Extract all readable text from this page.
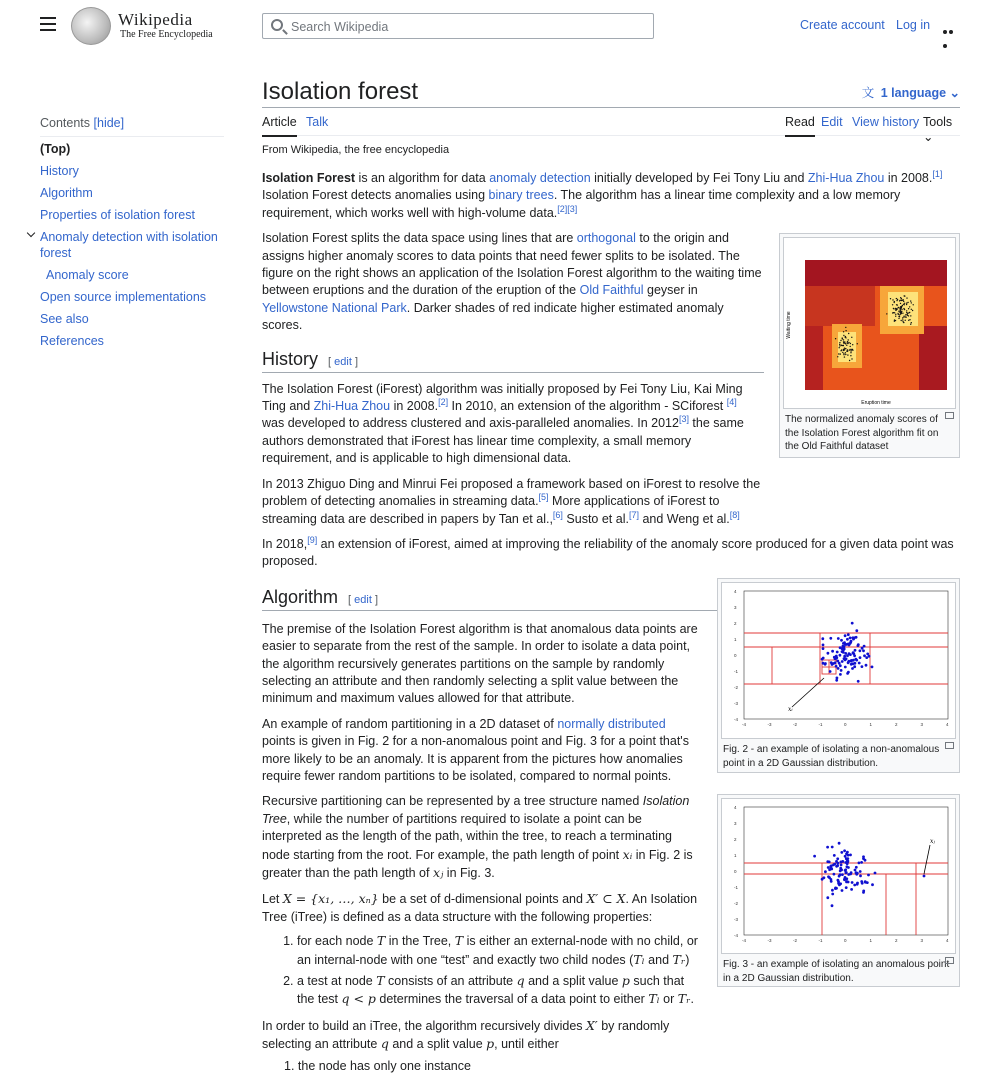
Wikipedia
The Free Encyclopedia
Search Wikipedia
Create account Log in
Contents [hide]
(Top)
History
Algorithm
Properties of isolation forest
Anomaly detection with isolation forest
Anomaly score
Open source implementations
See also
References
Isolation forest	文 1 language ⌄
Article Talk	Read Edit View history Tools ⌄
From Wikipedia, the free encyclopedia

Isolation Forest is an algorithm for data anomaly detection initially developed by Fei Tony Liu and Zhi-Hua Zhou in 2008.[1] Isolation Forest detects anomalies using binary trees. The algorithm has a linear time complexity and a low memory requirement, which works well with high-volume data.[2][3]

Isolation Forest splits the data space using lines that are orthogonal to the origin and assigns higher anomaly scores to data points that need fewer splits to be isolated. The figure on the right shows an application of the Isolation Forest algorithm to the waiting time between eruptions and the duration of the eruption of the Old Faithful geyser in Yellowstone National Park. Darker shades of red indicate higher estimated anomaly scores.

History [ edit ]

The Isolation Forest (iForest) algorithm was initially proposed by Fei Tony Liu, Kai Ming Ting and Zhi-Hua Zhou in 2008.[2] In 2010, an extension of the algorithm - SCiforest [4] was developed to address clustered and axis-paralleled anomalies. In 2012[3] the same authors demonstrated that iForest has linear time complexity, a small memory requirement, and is applicable to high dimensional data.

In 2013 Zhiguo Ding and Minrui Fei proposed a framework based on iForest to resolve the problem of detecting anomalies in streaming data.[5] More applications of iForest to streaming data are described in papers by Tan et al.,[6] Susto et al.[7] and Weng et al.[8]

In 2018,[9] an extension of iForest, aimed at improving the reliability of the anomaly score produced for a given data point was proposed.

Algorithm [ edit ]

The premise of the Isolation Forest algorithm is that anomalous data points are easier to separate from the rest of the sample. In order to isolate a data point, the algorithm recursively generates partitions on the sample by randomly selecting an attribute and then randomly selecting a split value between the minimum and maximum values allowed for that attribute.

An example of random partitioning in a 2D dataset of normally distributed points is given in Fig. 2 for a non-anomalous point and Fig. 3 for a point that's more likely to be an anomaly. It is apparent from the pictures how anomalies require fewer random partitions to be isolated, compared to normal points.

Recursive partitioning can be represented by a tree structure named Isolation Tree, while the number of partitions required to isolate a point can be interpreted as the length of the path, within the tree, to reach a terminating node starting from the root. For example, the path length of point xᵢ in Fig. 2 is greater than the path length of xⱼ in Fig. 3.

Let X = {x₁, …, xₙ} be a set of d-dimensional points and X′ ⊂ X. An Isolation Tree (iTree) is defined as a data structure with the following properties:

1. for each node T in the Tree, T is either an external-node with no child, or an internal-node with one “test” and exactly two child nodes (Tₗ and Tᵣ)
2. a test at node T consists of an attribute q and a split value p such that the test q < p determines the traversal of a data point to either Tₗ or Tᵣ.

In order to build an iTree, the algorithm recursively divides X′ by randomly selecting an attribute q and a split value p, until either

1. the node has only one instance

Eruption time
Waiting time
The normalized anomaly scores of the Isolation Forest algorithm fit on the Old Faithful dataset
xᵢ
-4
-4
-3
-3
-2
-2
-1
-1
0
0
1
1
2
2
3
3
4
4
Fig. 2 - an example of isolating a non-anomalous point in a 2D Gaussian distribution.
xⱼ
-4
-4
-3
-3
-2
-2
-1
-1
0
0
1
1
2
2
3
3
4
4
Fig. 3 - an example of isolating an anomalous point in a 2D Gaussian distribution.
